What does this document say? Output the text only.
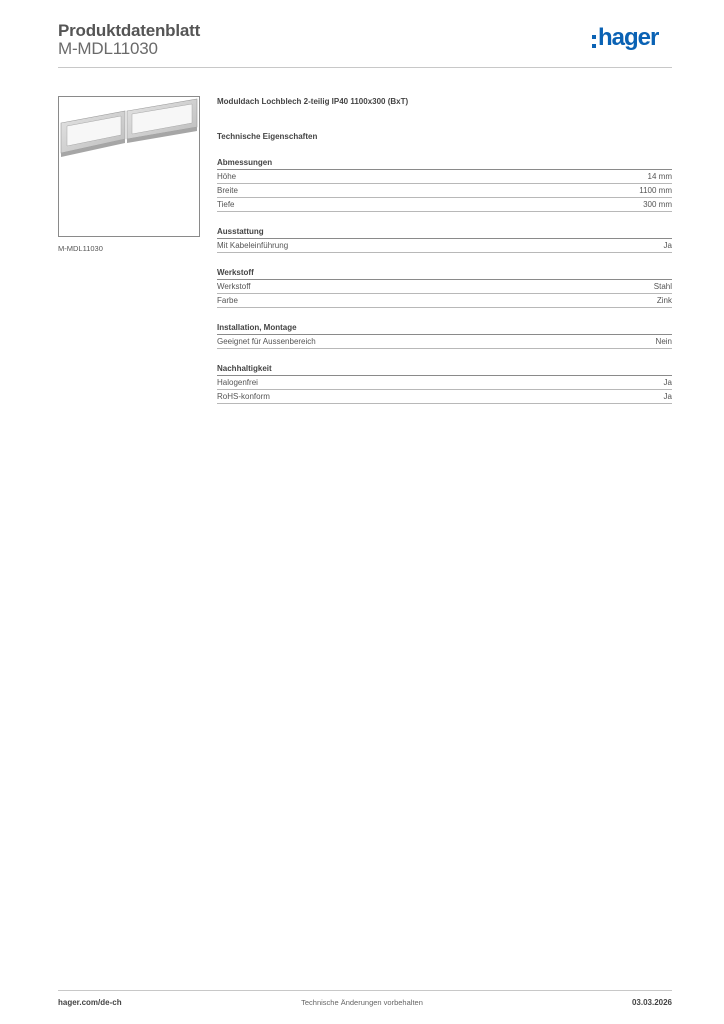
Produktdatenblatt
M-MDL11030	hager
M-MDL11030
Moduldach Lochblech 2-teilig IP40 1100x300 (BxT)
Technische Eigenschaften
Abmessungen
Höhe	14 mm
Breite	1100 mm
Tiefe	300 mm
Ausstattung
Mit Kabeleinführung	Ja
Werkstoff
Werkstoff	Stahl
Farbe	Zink
Installation, Montage
Geeignet für Aussenbereich	Nein
Nachhaltigkeit
Halogenfrei	Ja
RoHS-konform	Ja
hager.com/de-ch	Technische Änderungen vorbehalten	03.03.2026
